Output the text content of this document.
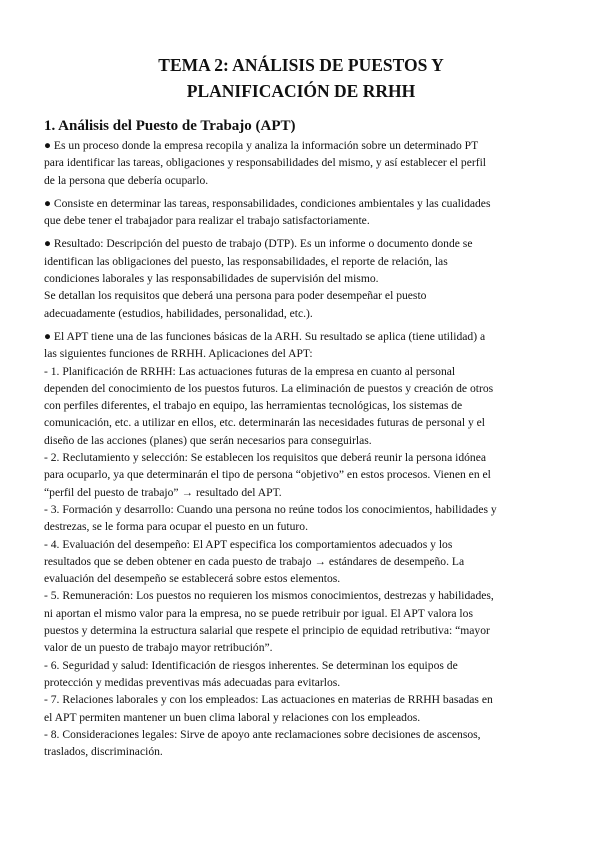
TEMA 2: ANÁLISIS DE PUESTOS Y
PLANIFICACIÓN DE RRHH
1. Análisis del Puesto de Trabajo (APT)

● Es un proceso donde la empresa recopila y analiza la información sobre un determinado PT
para identificar las tareas, obligaciones y responsabilidades del mismo, y así establecer el perfil
de la persona que debería ocuparlo.

● Consiste en determinar las tareas, responsabilidades, condiciones ambientales y las cualidades
que debe tener el trabajador para realizar el trabajo satisfactoriamente.

● Resultado: Descripción del puesto de trabajo (DTP). Es un informe o documento donde se
identifican las obligaciones del puesto, las responsabilidades, el reporte de relación, las
condiciones laborales y las responsabilidades de supervisión del mismo.
Se detallan los requisitos que deberá una persona para poder desempeñar el puesto
adecuadamente (estudios, habilidades, personalidad, etc.).

● El APT tiene una de las funciones básicas de la ARH. Su resultado se aplica (tiene utilidad) a
las siguientes funciones de RRHH. Aplicaciones del APT:
- 1. Planificación de RRHH: Las actuaciones futuras de la empresa en cuanto al personal
dependen del conocimiento de los puestos futuros. La eliminación de puestos y creación de otros
con perfiles diferentes, el trabajo en equipo, las herramientas tecnológicas, los sistemas de
comunicación, etc. a utilizar en ellos, etc. determinarán las necesidades futuras de personal y el
diseño de las acciones (planes) que serán necesarios para conseguirlas.
- 2. Reclutamiento y selección: Se establecen los requisitos que deberá reunir la persona idónea
para ocuparlo, ya que determinarán el tipo de persona “objetivo” en estos procesos. Vienen en el
“perfil del puesto de trabajo” → resultado del APT.
- 3. Formación y desarrollo: Cuando una persona no reúne todos los conocimientos, habilidades y
destrezas, se le forma para ocupar el puesto en un futuro.
- 4. Evaluación del desempeño: El APT especifica los comportamientos adecuados y los
resultados que se deben obtener en cada puesto de trabajo → estándares de desempeño. La
evaluación del desempeño se establecerá sobre estos elementos.
- 5. Remuneración: Los puestos no requieren los mismos conocimientos, destrezas y habilidades,
ni aportan el mismo valor para la empresa, no se puede retribuir por igual. El APT valora los
puestos y determina la estructura salarial que respete el principio de equidad retributiva: “mayor
valor de un puesto de trabajo mayor retribución”.
- 6. Seguridad y salud: Identificación de riesgos inherentes. Se determinan los equipos de
protección y medidas preventivas más adecuadas para evitarlos.
- 7. Relaciones laborales y con los empleados: Las actuaciones en materias de RRHH basadas en
el APT permiten mantener un buen clima laboral y relaciones con los empleados.
- 8. Consideraciones legales: Sirve de apoyo ante reclamaciones sobre decisiones de ascensos,
traslados, discriminación.
